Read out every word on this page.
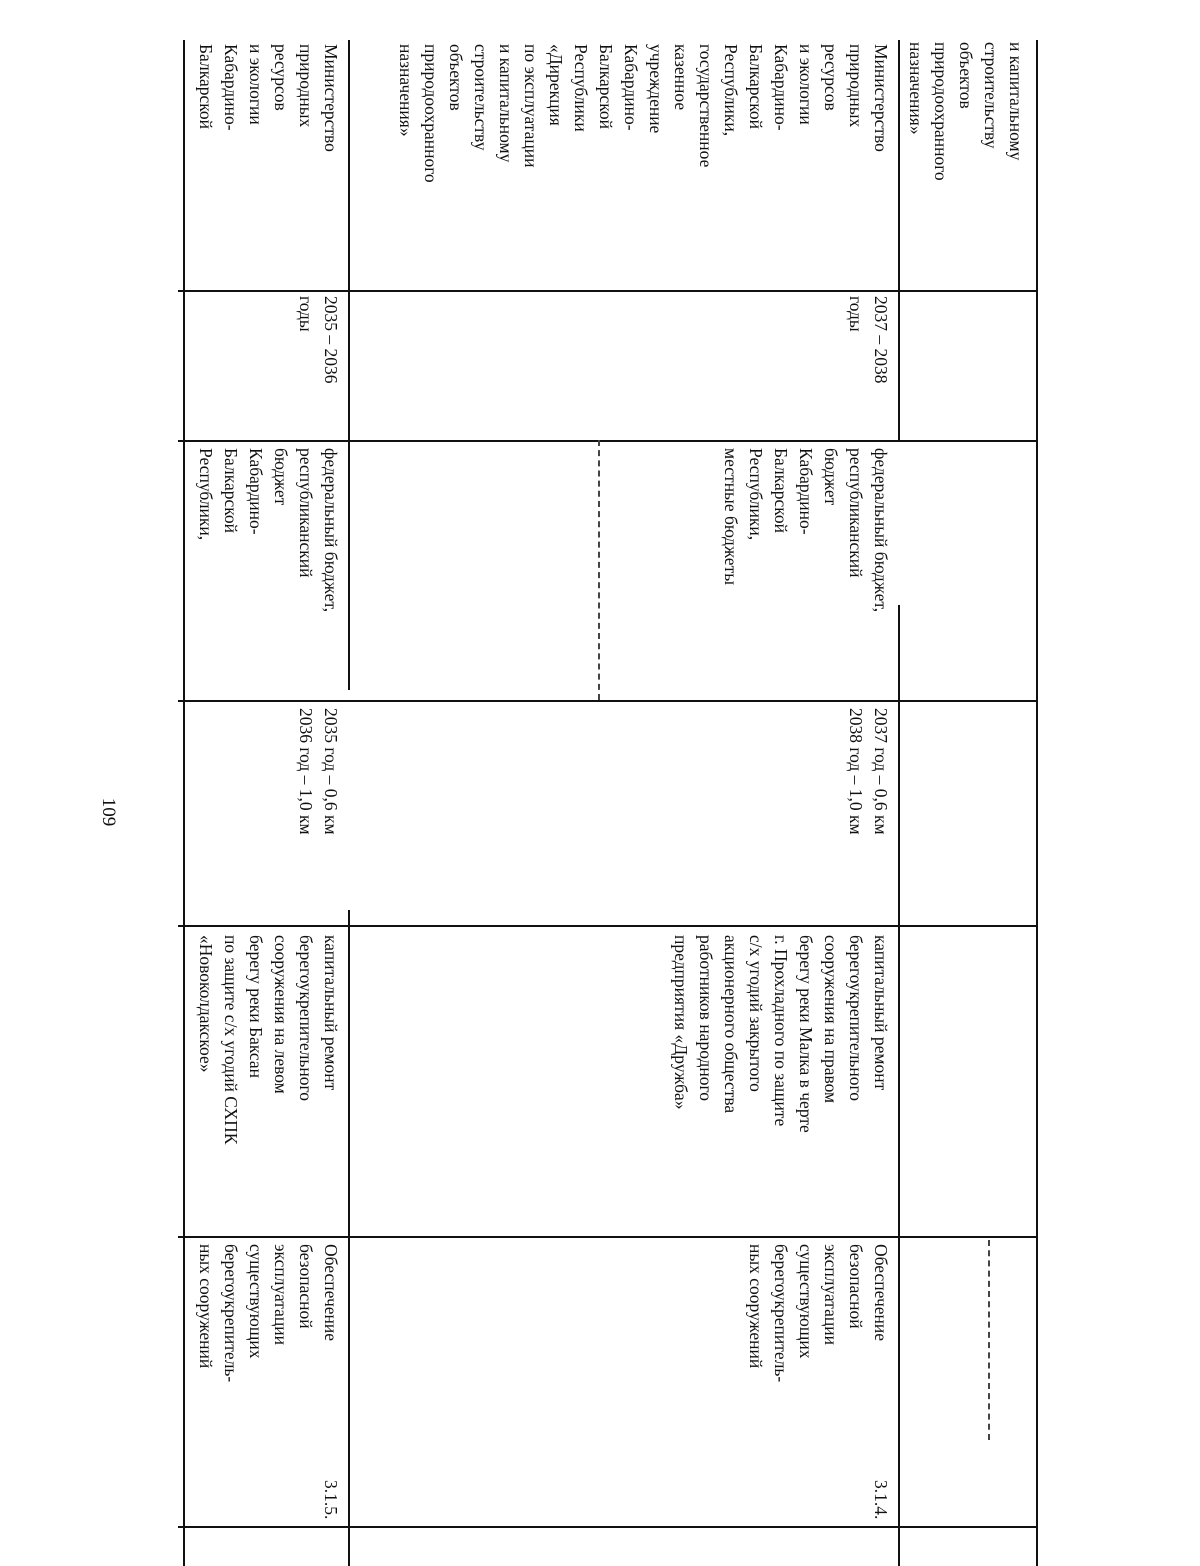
109
и капитальному
строительству
объектов
природоохранного
назначения»
3.1.4.
Обеспечение
безопасной
эксплуатации
существующих
берегоукрепитель-
ных сооружений
капитальный ремонт
берегоукрепительного
сооружения на правом
берегу реки Малка в черте
г. Прохладного по защите
с/х угодий закрытого
акционерного общества
работников народного
предприятия «Дружба»
2037 год – 0,6 км
2038 год – 1,0 км
федеральный бюджет,
республиканский
бюджет
Кабардино-
Балкарской
Республики,
местные бюджеты
2037 – 2038
годы
Министерство
природных
ресурсов
и экологии
Кабардино-
Балкарской
Республики,
государственное
казенное
учреждение
Кабардино-
Балкарской
Республики
«Дирекция
по эксплуатации
и капитальному
строительству
объектов
природоохранного
назначения»
3.1.5.
Обеспечение
безопасной
эксплуатации
существующих
берегоукрепитель-
ных сооружений
капитальный ремонт
берегоукрепительного
сооружения на левом
берегу реки Баксан
по защите с/х угодий СХПК
«Новоколдакское»
2035 год – 0,6 км
2036 год – 1,0 км
федеральный бюджет,
республиканский
бюджет
Кабардино-
Балкарской
Республики,
2035 – 2036
годы
Министерство
природных
ресурсов
и экологии
Кабардино-
Балкарской
